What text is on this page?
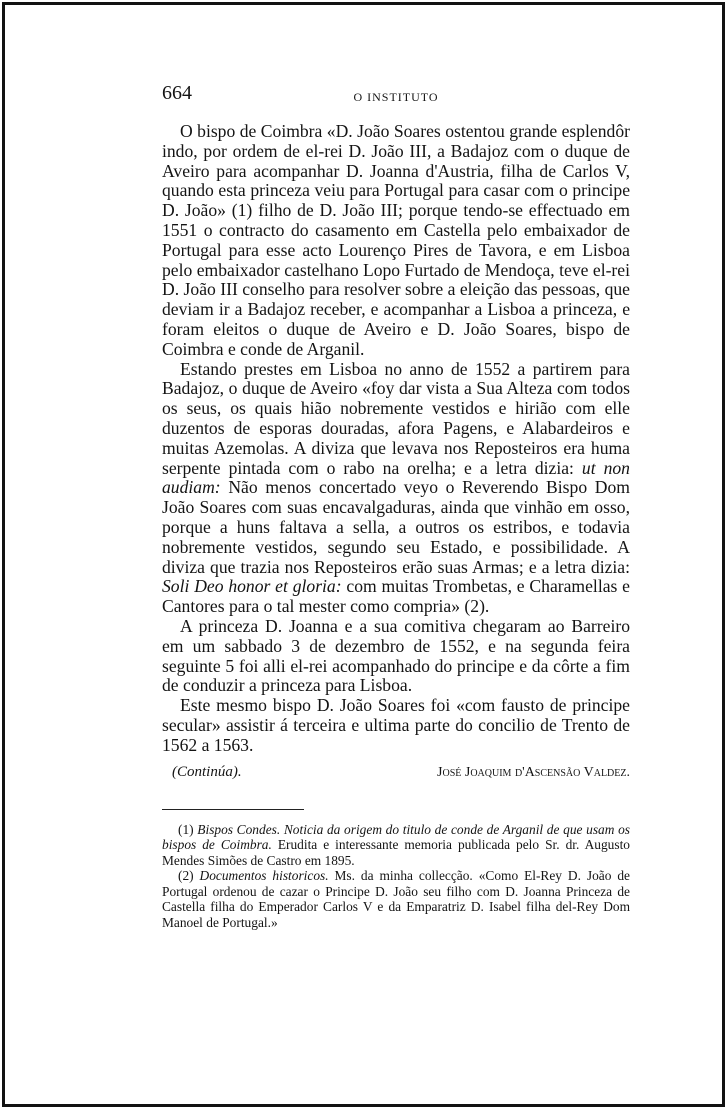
664	O INSTITUTO

O bispo de Coimbra «D. João Soares ostentou grande esplendôr indo, por ordem de el-rei D. João III, a Badajoz com o duque de Aveiro para acompanhar D. Joanna d'Austria, filha de Carlos V, quando esta princeza veiu para Portugal para casar com o principe D. João» (1) filho de D. João III; porque tendo-se effectuado em 1551 o contracto do casamento em Castella pelo embaixador de Portugal para esse acto Lourenço Pires de Tavora, e em Lisboa pelo embaixador castelhano Lopo Furtado de Mendoça, teve el-rei D. João III conselho para resolver sobre a eleição das pessoas, que deviam ir a Badajoz receber, e acompanhar a Lisboa a princeza, e foram eleitos o duque de Aveiro e D. João Soares, bispo de Coimbra e conde de Arganil.

Estando prestes em Lisboa no anno de 1552 a partirem para Badajoz, o duque de Aveiro «foy dar vista a Sua Alteza com todos os seus, os quais hião nobremente vestidos e hirião com elle duzentos de esporas douradas, afora Pagens, e Alabardeiros e muitas Azemolas. A diviza que levava nos Reposteiros era huma serpente pintada com o rabo na orelha; e a letra dizia: ut non audiam: Não menos concertado veyo o Reverendo Bispo Dom João Soares com suas encavalgaduras, ainda que vinhão em osso, porque a huns faltava a sella, a outros os estribos, e todavia nobremente vestidos, segundo seu Estado, e possibilidade. A diviza que trazia nos Reposteiros erão suas Armas; e a letra dizia: Soli Deo honor et gloria: com muitas Trombetas, e Charamellas e Cantores para o tal mester como compria» (2).

A princeza D. Joanna e a sua comitiva chegaram ao Barreiro em um sabbado 3 de dezembro de 1552, e na segunda feira seguinte 5 foi alli el-rei acompanhado do principe e da côrte a fim de conduzir a princeza para Lisboa.

Este mesmo bispo D. João Soares foi «com fausto de principe secular» assistir á terceira e ultima parte do concilio de Trento de 1562 a 1563.

(Continúa).	José Joaquim d'Ascensão Valdez.

(1) Bispos Condes. Noticia da origem do titulo de conde de Arganil de que usam os bispos de Coimbra. Erudita e interessante memoria publicada pelo Sr. dr. Augusto Mendes Simões de Castro em 1895.

(2) Documentos historicos. Ms. da minha collecção. «Como El-Rey D. João de Portugal ordenou de cazar o Principe D. João seu filho com D. Joanna Princeza de Castella filha do Emperador Carlos V e da Emparatriz D. Isabel filha del-Rey Dom Manoel de Portugal.»
